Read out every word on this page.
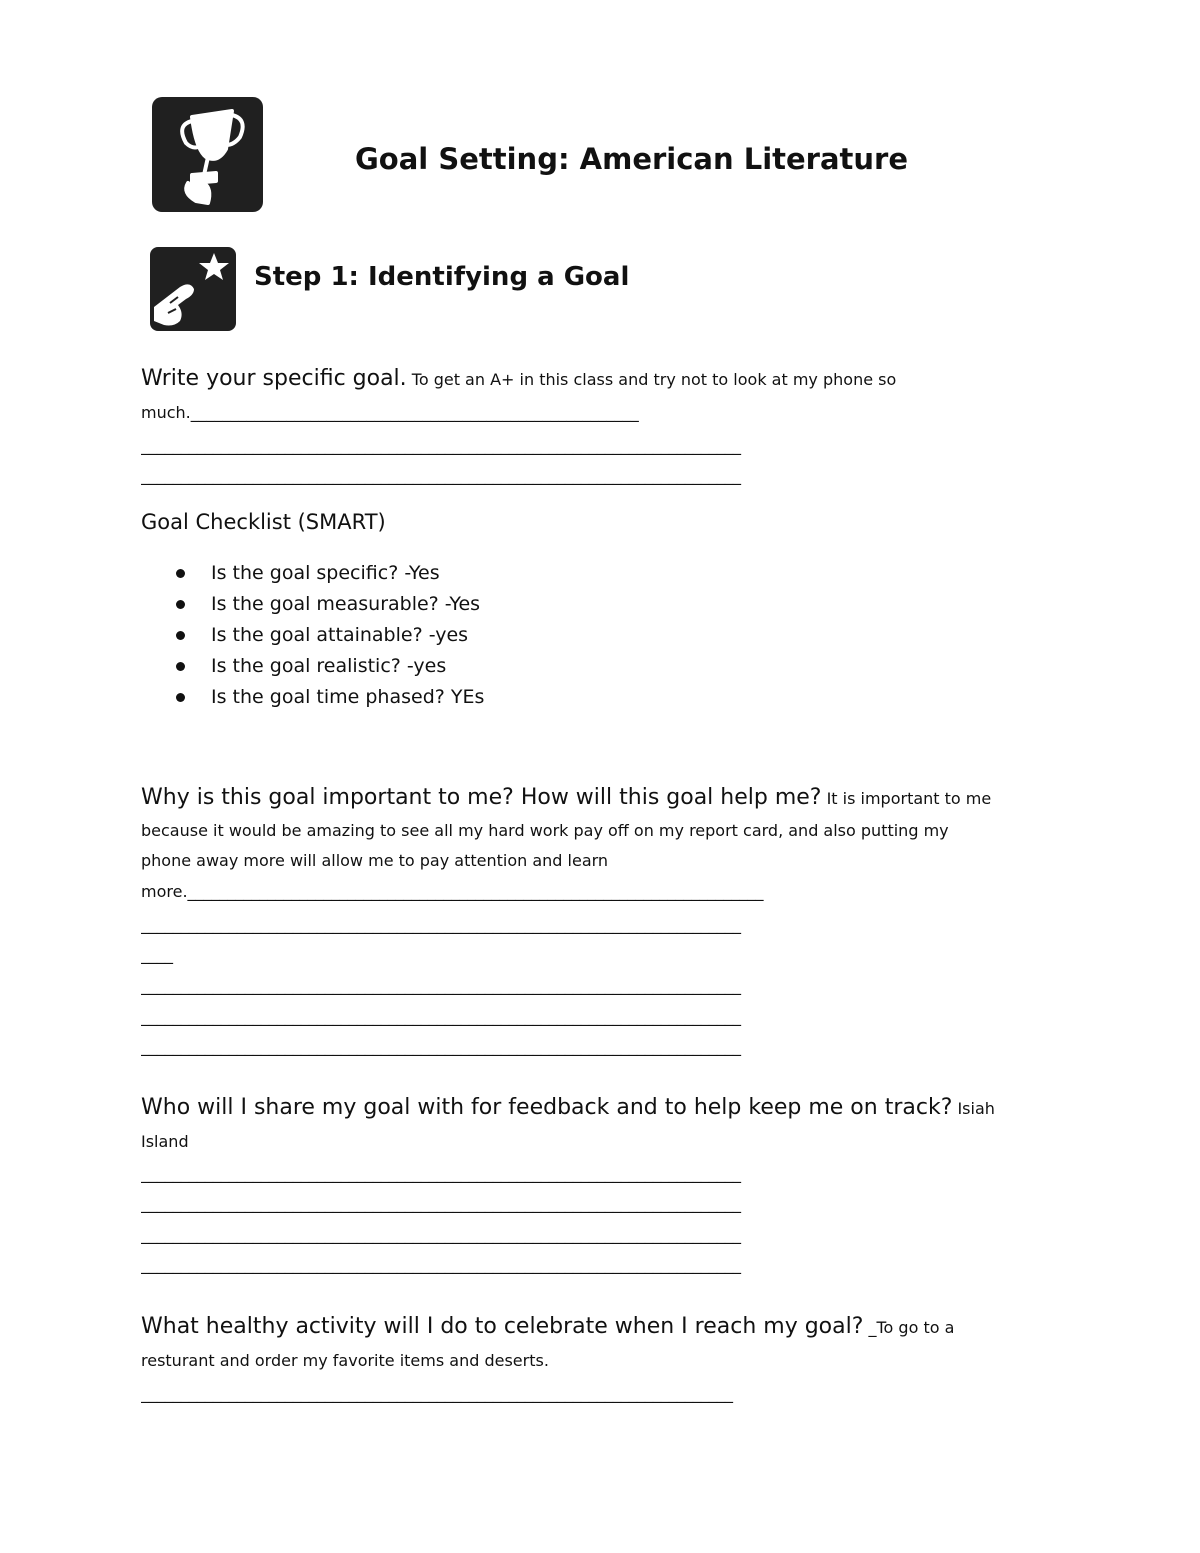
Goal Setting: American Literature
Step 1: Identifying a Goal
Write your specific goal. To get an A+ in this class and try not to look at my phone so
much.________________________________________________________
___________________________________________________________________________
___________________________________________________________________________
Goal Checklist (SMART)
Is the goal specific? -Yes
Is the goal measurable? -Yes
Is the goal attainable? -yes
Is the goal realistic? -yes
Is the goal time phased? YEs
Why is this goal important to me? How will this goal help me? It is important to me
because it would be amazing to see all my hard work pay off on my report card, and also putting my
phone away more will allow me to pay attention and learn
more.________________________________________________________________________
___________________________________________________________________________
____
___________________________________________________________________________
___________________________________________________________________________
___________________________________________________________________________
Who will I share my goal with for feedback and to help keep me on track? Isiah
Island
___________________________________________________________________________
___________________________________________________________________________
___________________________________________________________________________
___________________________________________________________________________
What healthy activity will I do to celebrate when I reach my goal? _To go to a
resturant and order my favorite items and deserts.
__________________________________________________________________________
